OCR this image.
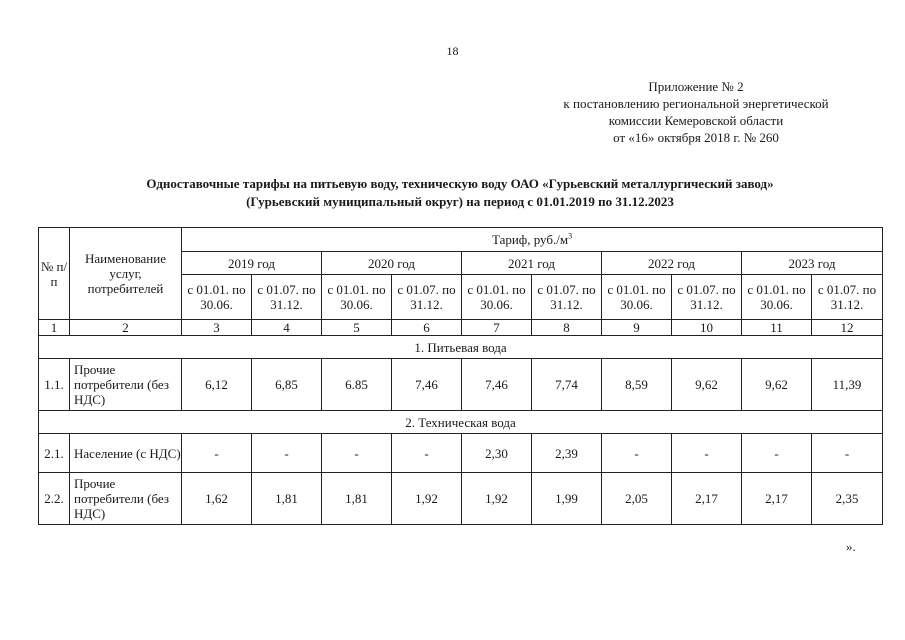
18
Приложение № 2
к постановлению региональной энергетической
комиссии Кемеровской области
от «16» октября 2018 г. № 260
Одноставочные тарифы на питьевую воду, техническую воду ОАО «Гурьевский металлургический завод»
(Гурьевский муниципальный округ) на период с 01.01.2019 по 31.12.2023
№ п/п	Наименование услуг, потребителей	Тариф, $руб./м^3$
		2019 год		2020 год		2021 год		2022 год		2023 год	
		с 01.01. по 30.06.	с 01.07. по 31.12.	с 01.01. по 30.06.	с 01.07. по 31.12.	с 01.01. по 30.06.	с 01.07. по 31.12.	с 01.01. по 30.06.	с 01.07. по 31.12.	с 01.01. по 30.06.	с 01.07. по 31.12.
1	2	3	4	5	6	7	8	9	10	11	12
1. Питьевая вода											
1.1.	Прочие потребители (без НДС)	6,12	6,85	6.85	7,46	7,46	7,74	8,59	9,62	9,62	11,39
2. Техническая вода											
2.1.	Население (с НДС)	-	-	-	-	2,30	2,39	-	-	-	-
2.2.	Прочие потребители (без НДС)	1,62	1,81	1,81	1,92	1,92	1,99	2,05	2,17	2,17	2,35
».
